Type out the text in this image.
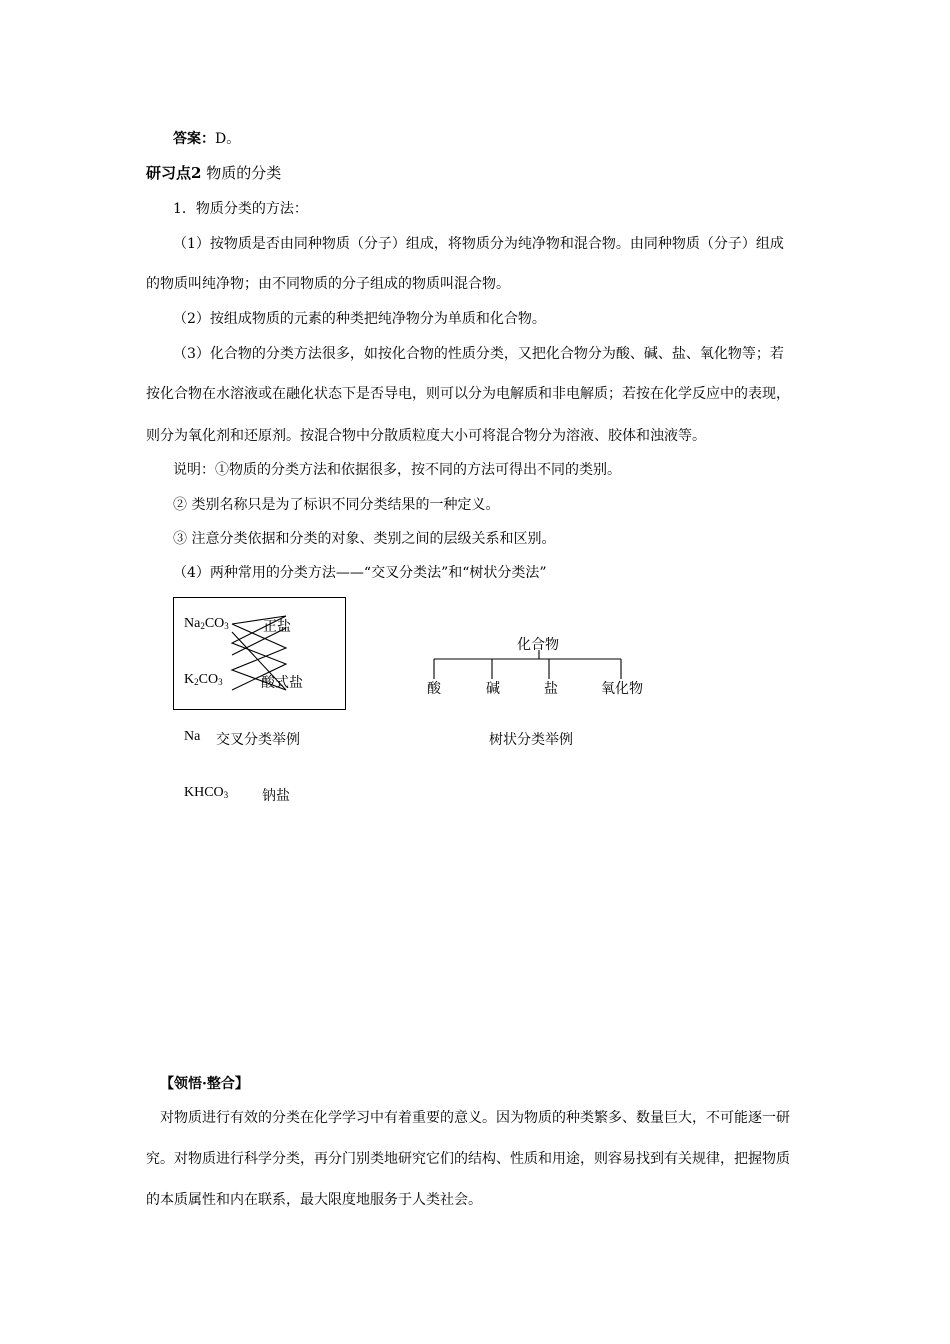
答案：D。
研习点2 物质的分类
1．物质分类的方法：
（1）按物质是否由同种物质（分子）组成，将物质分为纯净物和混合物。由同种物质（分子）组成
的物质叫纯净物；由不同物质的分子组成的物质叫混合物。
（2）按组成物质的元素的种类把纯净物分为单质和化合物。
（3）化合物的分类方法很多，如按化合物的性质分类，又把化合物分为酸、碱、盐、氧化物等；若
按化合物在水溶液或在融化状态下是否导电，则可以分为电解质和非电解质；若按在化学反应中的表现，
则分为氧化剂和还原剂。按混合物中分散质粒度大小可将混合物分为溶液、胶体和浊液等。
说明：①物质的分类方法和依据很多，按不同的方法可得出不同的类别。
② 类别名称只是为了标识不同分类结果的一种定义。
③ 注意分类依据和分类的对象、类别之间的层级关系和区别。
（4）两种常用的分类方法——“交叉分类法”和“树状分类法”
$Na_2CO_3$
$K_2CO_3$
正盐
酸式盐
Na 交叉分类举例
$KHCO_3$ 钠盐
化合物
酸	碱	盐	氧化物
树状分类举例
【领悟·整合】
对物质进行有效的分类在化学学习中有着重要的意义。因为物质的种类繁多、数量巨大，不可能逐一研
究。对物质进行科学分类，再分门别类地研究它们的结构、性质和用途，则容易找到有关规律，把握物质
的本质属性和内在联系，最大限度地服务于人类社会。
